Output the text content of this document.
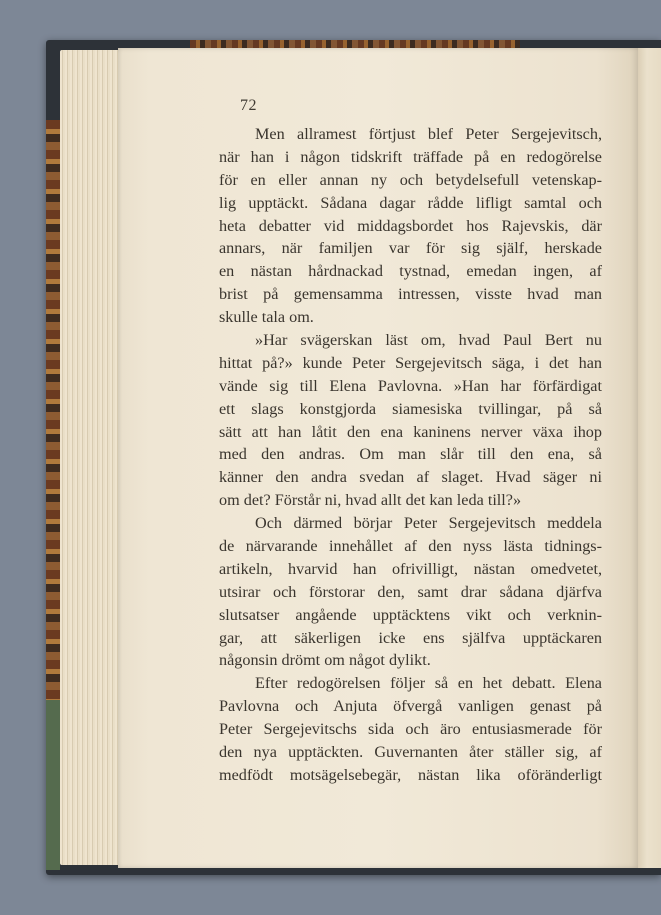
72
Men allramest förtjust blef Peter Sergejevitsch,
när han i någon tidskrift träffade på en redogörelse
för en eller annan ny och betydelsefull vetenskap-
lig upptäckt. Sådana dagar rådde lifligt samtal och
heta debatter vid middagsbordet hos Rajevskis, där
annars, när familjen var för sig själf, herskade
en nästan hårdnackad tystnad, emedan ingen, af
brist på gemensamma intressen, visste hvad man
skulle tala om.
»Har svägerskan läst om, hvad Paul Bert nu
hittat på?» kunde Peter Sergejevitsch säga, i det han
vände sig till Elena Pavlovna. »Han har förfärdigat
ett slags konstgjorda siamesiska tvillingar, på så
sätt att han låtit den ena kaninens nerver växa ihop
med den andras. Om man slår till den ena, så
känner den andra svedan af slaget. Hvad säger ni
om det? Förstår ni, hvad allt det kan leda till?»
Och därmed börjar Peter Sergejevitsch meddela
de närvarande innehållet af den nyss lästa tidnings-
artikeln, hvarvid han ofrivilligt, nästan omedvetet,
utsirar och förstorar den, samt drar sådana djärfva
slutsatser angående upptäcktens vikt och verknin-
gar, att säkerligen icke ens själfva upptäckaren
någonsin drömt om något dylikt.
Efter redogörelsen följer så en het debatt. Elena
Pavlovna och Anjuta öfvergå vanligen genast på
Peter Sergejevitschs sida och äro entusiasmerade för
den nya upptäckten. Guvernanten åter ställer sig, af
medfödt motsägelsebegär, nästan lika oföränderligt
